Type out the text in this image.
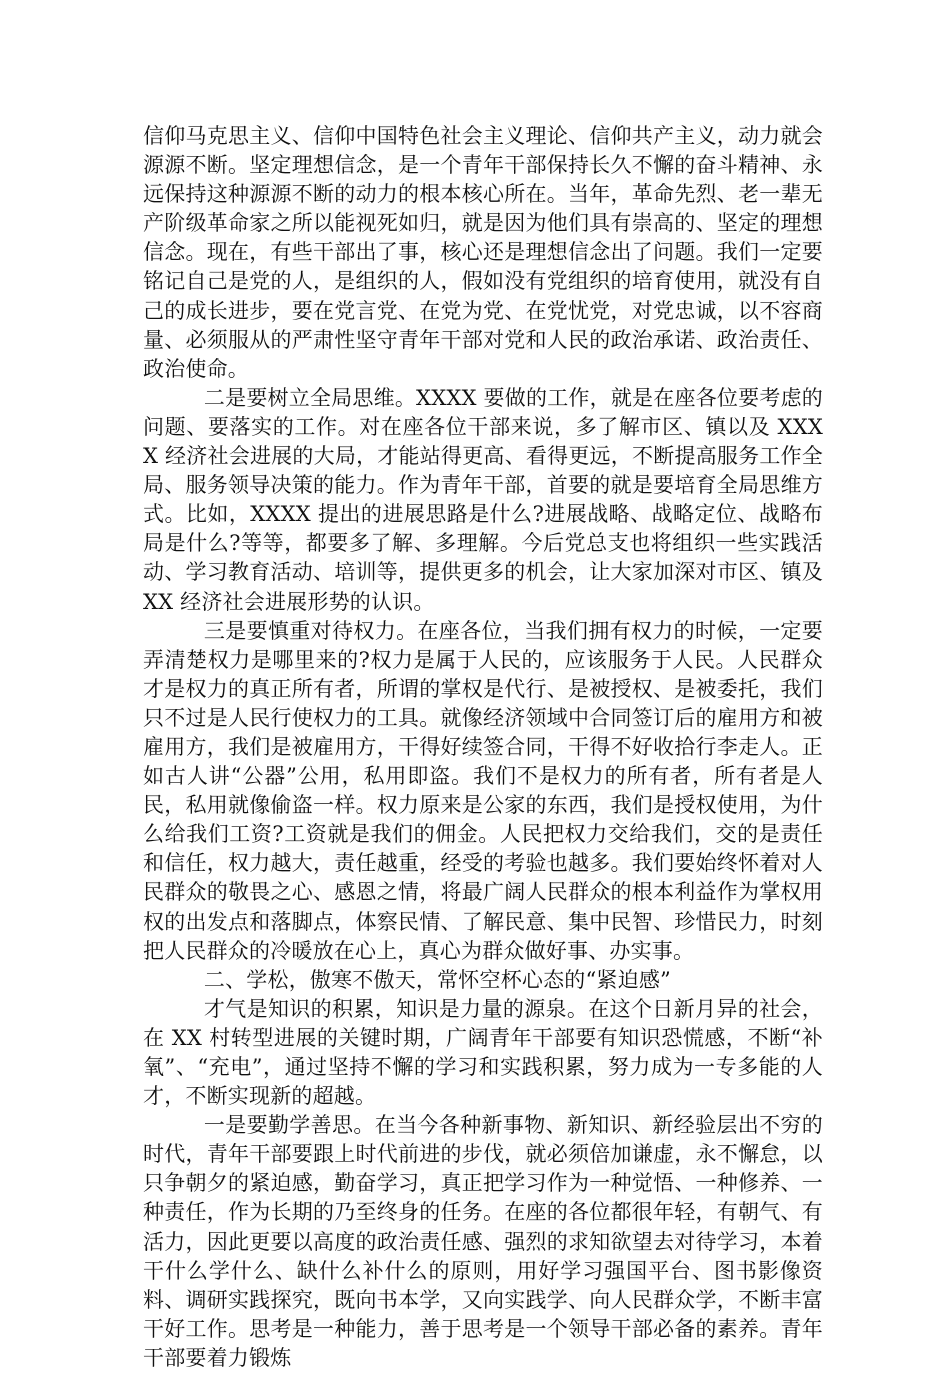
信仰马克思主义、信仰中国特色社会主义理论、信仰共产主义，动力就会源源不断。坚定理想信念，是一个青年干部保持长久不懈的奋斗精神、永远保持这种源源不断的动力的根本核心所在。当年，革命先烈、老一辈无产阶级革命家之所以能视死如归，就是因为他们具有崇高的、坚定的理想信念。现在，有些干部出了事，核心还是理想信念出了问题。我们一定要铭记自己是党的人，是组织的人，假如没有党组织的培育使用，就没有自己的成长进步，要在党言党、在党为党、在党忧党，对党忠诚，以不容商量、必须服从的严肃性坚守青年干部对党和人民的政治承诺、政治责任、政治使命。

二是要树立全局思维。XXXX 要做的工作，就是在座各位要考虑的问题、要落实的工作。对在座各位干部来说，多了解市区、镇以及 XXXX 经济社会进展的大局，才能站得更高、看得更远，不断提高服务工作全局、服务领导决策的能力。作为青年干部，首要的就是要培育全局思维方式。比如，XXXX 提出的进展思路是什么?进展战略、战略定位、战略布局是什么?等等，都要多了解、多理解。今后党总支也将组织一些实践活动、学习教育活动、培训等，提供更多的机会，让大家加深对市区、镇及 XX 经济社会进展形势的认识。

三是要慎重对待权力。在座各位，当我们拥有权力的时候，一定要弄清楚权力是哪里来的?权力是属于人民的，应该服务于人民。人民群众才是权力的真正所有者，所谓的掌权是代行、是被授权、是被委托，我们只不过是人民行使权力的工具。就像经济领域中合同签订后的雇用方和被雇用方，我们是被雇用方，干得好续签合同，干得不好收拾行李走人。正如古人讲“公器”公用，私用即盗。我们不是权力的所有者，所有者是人民，私用就像偷盗一样。权力原来是公家的东西，我们是授权使用，为什么给我们工资?工资就是我们的佣金。人民把权力交给我们，交的是责任和信任，权力越大，责任越重，经受的考验也越多。我们要始终怀着对人民群众的敬畏之心、感恩之情，将最广阔人民群众的根本利益作为掌权用权的出发点和落脚点，体察民情、了解民意、集中民智、珍惜民力，时刻把人民群众的冷暖放在心上，真心为群众做好事、办实事。

二、学松，傲寒不傲天，常怀空杯心态的“紧迫感”

才气是知识的积累，知识是力量的源泉。在这个日新月异的社会，在 XX 村转型进展的关键时期，广阔青年干部要有知识恐慌感，不断“补氧”、“充电”，通过坚持不懈的学习和实践积累，努力成为一专多能的人才，不断实现新的超越。

一是要勤学善思。在当今各种新事物、新知识、新经验层出不穷的时代，青年干部要跟上时代前进的步伐，就必须倍加谦虚，永不懈怠，以只争朝夕的紧迫感，勤奋学习，真正把学习作为一种觉悟、一种修养、一种责任，作为长期的乃至终身的任务。在座的各位都很年轻，有朝气、有活力，因此更要以高度的政治责任感、强烈的求知欲望去对待学习，本着干什么学什么、缺什么补什么的原则，用好学习强国平台、图书影像资料、调研实践探究，既向书本学，又向实践学、向人民群众学，不断丰富干好工作。思考是一种能力，善于思考是一个领导干部必备的素养。青年干部要着力锻炼
